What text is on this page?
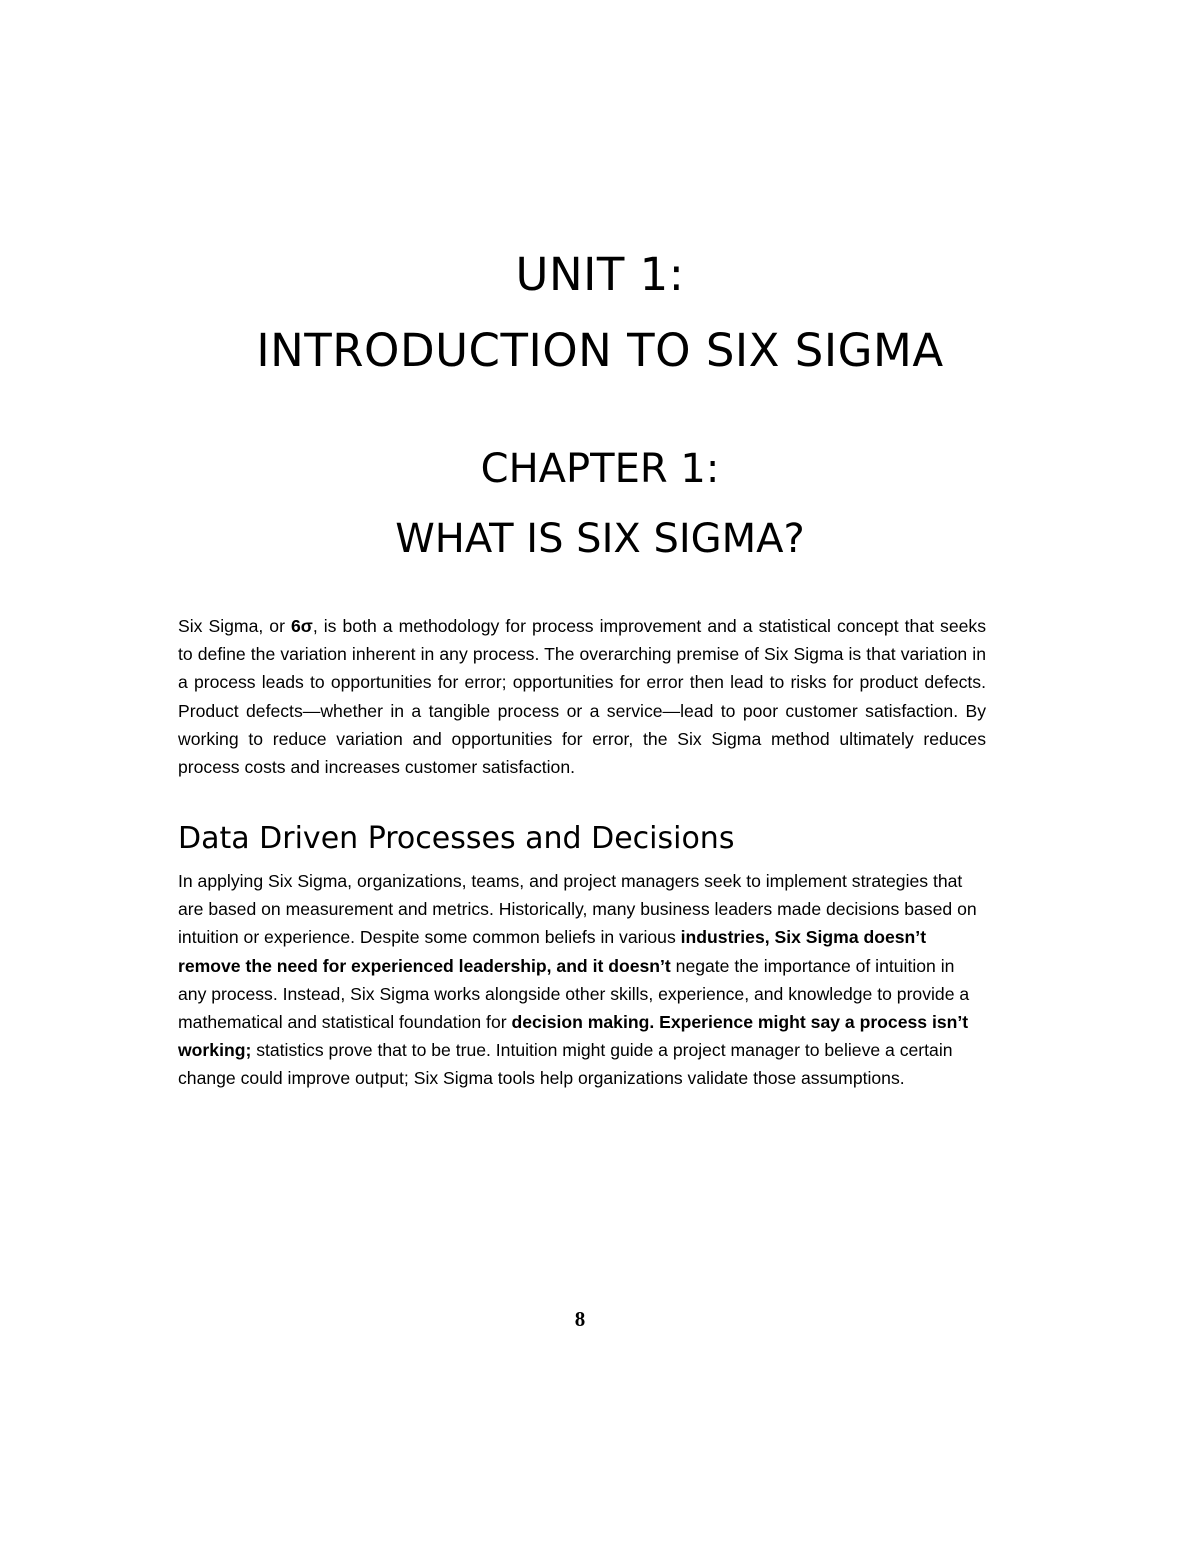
UNIT 1:
INTRODUCTION TO SIX SIGMA
CHAPTER 1:
WHAT IS SIX SIGMA?

Six Sigma, or 6σ, is both a methodology for process improvement and a statistical concept that seeks to define the variation inherent in any process. The overarching premise of Six Sigma is that variation in a process leads to opportunities for error; opportunities for error then lead to risks for product defects. Product defects—whether in a tangible process or a service—lead to poor customer satisfaction. By working to reduce variation and opportunities for error, the Six Sigma method ultimately reduces process costs and increases customer satisfaction.

Data Driven Processes and Decisions

In applying Six Sigma, organizations, teams, and project managers seek to implement strategies that are based on measurement and metrics. Historically, many business leaders made decisions based on intuition or experience. Despite some common beliefs in various industries, Six Sigma doesn’t remove the need for experienced leadership, and it doesn’t negate the importance of intuition in any process. Instead, Six Sigma works alongside other skills, experience, and knowledge to provide a mathematical and statistical foundation for decision making. Experience might say a process isn’t working; statistics prove that to be true. Intuition might guide a project manager to believe a certain change could improve output; Six Sigma tools help organizations validate those assumptions.

8
